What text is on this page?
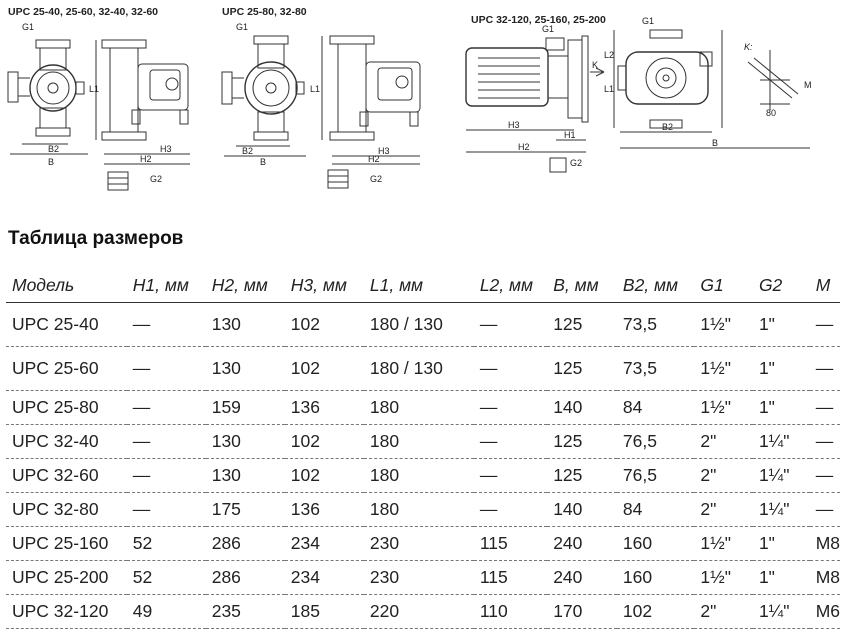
UPC 25-40, 25-60, 32-40, 32-60	UPC 25-80, 32-80
UPC 32-120, 25-160, 25-200
G1
B2
B
L1
H3
H2
G2
G1
B2
B
L1
H3
H2
G2
G1
K
H3
H1
H2
G2
G1
L2
L1
B2
B
K:
M
80
Таблица размеров
Модель	H1, мм	H2, мм	H3, мм	L1, мм	L2, мм	B, мм	B2, мм	G1	G2	M
UPC 25-40	—	130	102	180 / 130	—	125	73,5	1½"	1"	—
UPC 25-60	—	130	102	180 / 130	—	125	73,5	1½"	1"	—
UPC 25-80	—	159	136	180	—	140	84	1½"	1"	—
UPC 32-40	—	130	102	180	—	125	76,5	2"	1¼"	—
UPC 32-60	—	130	102	180	—	125	76,5	2"	1¼"	—
UPC 32-80	—	175	136	180	—	140	84	2"	1¼"	—
UPC 25-160	52	286	234	230	115	240	160	1½"	1"	M8
UPC 25-200	52	286	234	230	115	240	160	1½"	1"	M8
UPC 32-120	49	235	185	220	110	170	102	2"	1¼"	M6
